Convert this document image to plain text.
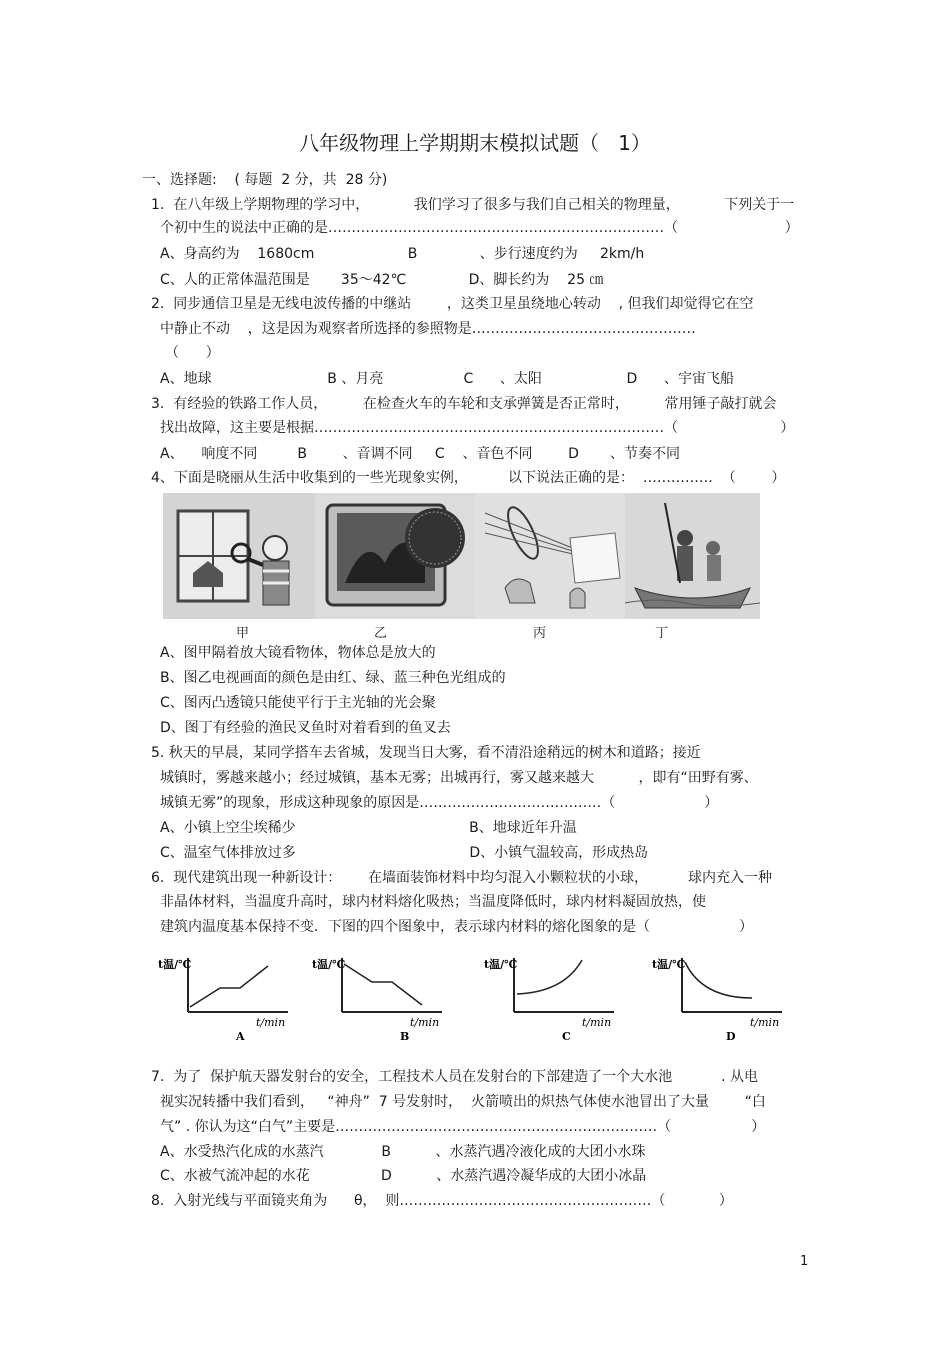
八年级物理上学期期末模拟试题（   1）
一、选择题:    ( 每题  2 分，共  28 分)
1.  在八年级上学期物理的学习中，          我们学习了很多与我们自己相关的物理量，          下列关于一
个初中生的说法中正确的是………………………………………………………………（                        ）
A、身高约为    1680cm                     B              、步行速度约为     2km/h
C、人的正常体温范围是       35～42℃              D、脚长约为    25 ㎝
2.  同步通信卫星是无线电波传播的中继站        ，这类卫星虽绕地心转动    , 但我们却觉得它在空
中静止不动    ，这是因为观察者所选择的参照物是…………………………………………
（      ）
A、地球                          B 、月亮                  C      、太阳                   D      、宇宙飞船
3.  有经验的铁路工作人员，        在检查火车的车轮和支承弹簧是否正常时，        常用锤子敲打就会
找出故障，这主要是根据…………………………………………………………………（                       ）
A、    响度不同         B        、音调不同     C    、音色不同        D       、节奏不同
4、下面是晓丽从生活中收集到的一些光现象实例，         以下说法正确的是：  ……………  （        ）
甲	乙	丙	丁
A、图甲隔着放大镜看物体，物体总是放大的
B、图乙电视画面的颜色是由红、绿、蓝三种色光组成的
C、图丙凸透镜只能使平行于主光轴的光会聚
D、图丁有经验的渔民叉鱼时对着看到的鱼叉去
5. 秋天的早晨，某同学搭车去省城，发现当日大雾，看不清沿途稍远的树木和道路；接近
城镇时，雾越来越小；经过城镇，基本无雾；出城再行，雾又越来越大          ，即有“田野有雾、
城镇无雾”的现象，形成这种现象的原因是…………………………………（                    ）
A、小镇上空尘埃稀少                                       B、地球近年升温
C、温室气体排放过多                                       D、小镇气温较高，形成热岛
6.  现代建筑出现一种新设计：      在墙面装饰材料中均匀混入小颗粒状的小球，         球内充入一种
非晶体材料，当温度升高时，球内材料熔化吸热；当温度降低时，球内材料凝固放热，使
建筑内温度基本保持不变．下图的四个图象中，表示球内材料的熔化图象的是（                    ）
t温/℃
t/min
A
t温/℃
t/min
B
t温/℃
t/min
C
t温/℃
t/min
D
7.  为了  保护航天器发射台的安全，工程技术人员在发射台的下部建造了一个大水池           . 从电
视实况转播中我们看到，   “神舟”  7 号发射时，  火箭喷出的炽热气体使水池冒出了大量        “白
气” . 你认为这“白气”主要是……………………………………………………………（                  ）
A、水受热汽化成的水蒸汽             B          、水蒸汽遇冷液化成的大团小水珠
C、水被气流冲起的水花                D          、水蒸汽遇冷凝华成的大团小冰晶
8.  入射光线与平面镜夹角为      θ，  则………………………………………………（            ）
1
